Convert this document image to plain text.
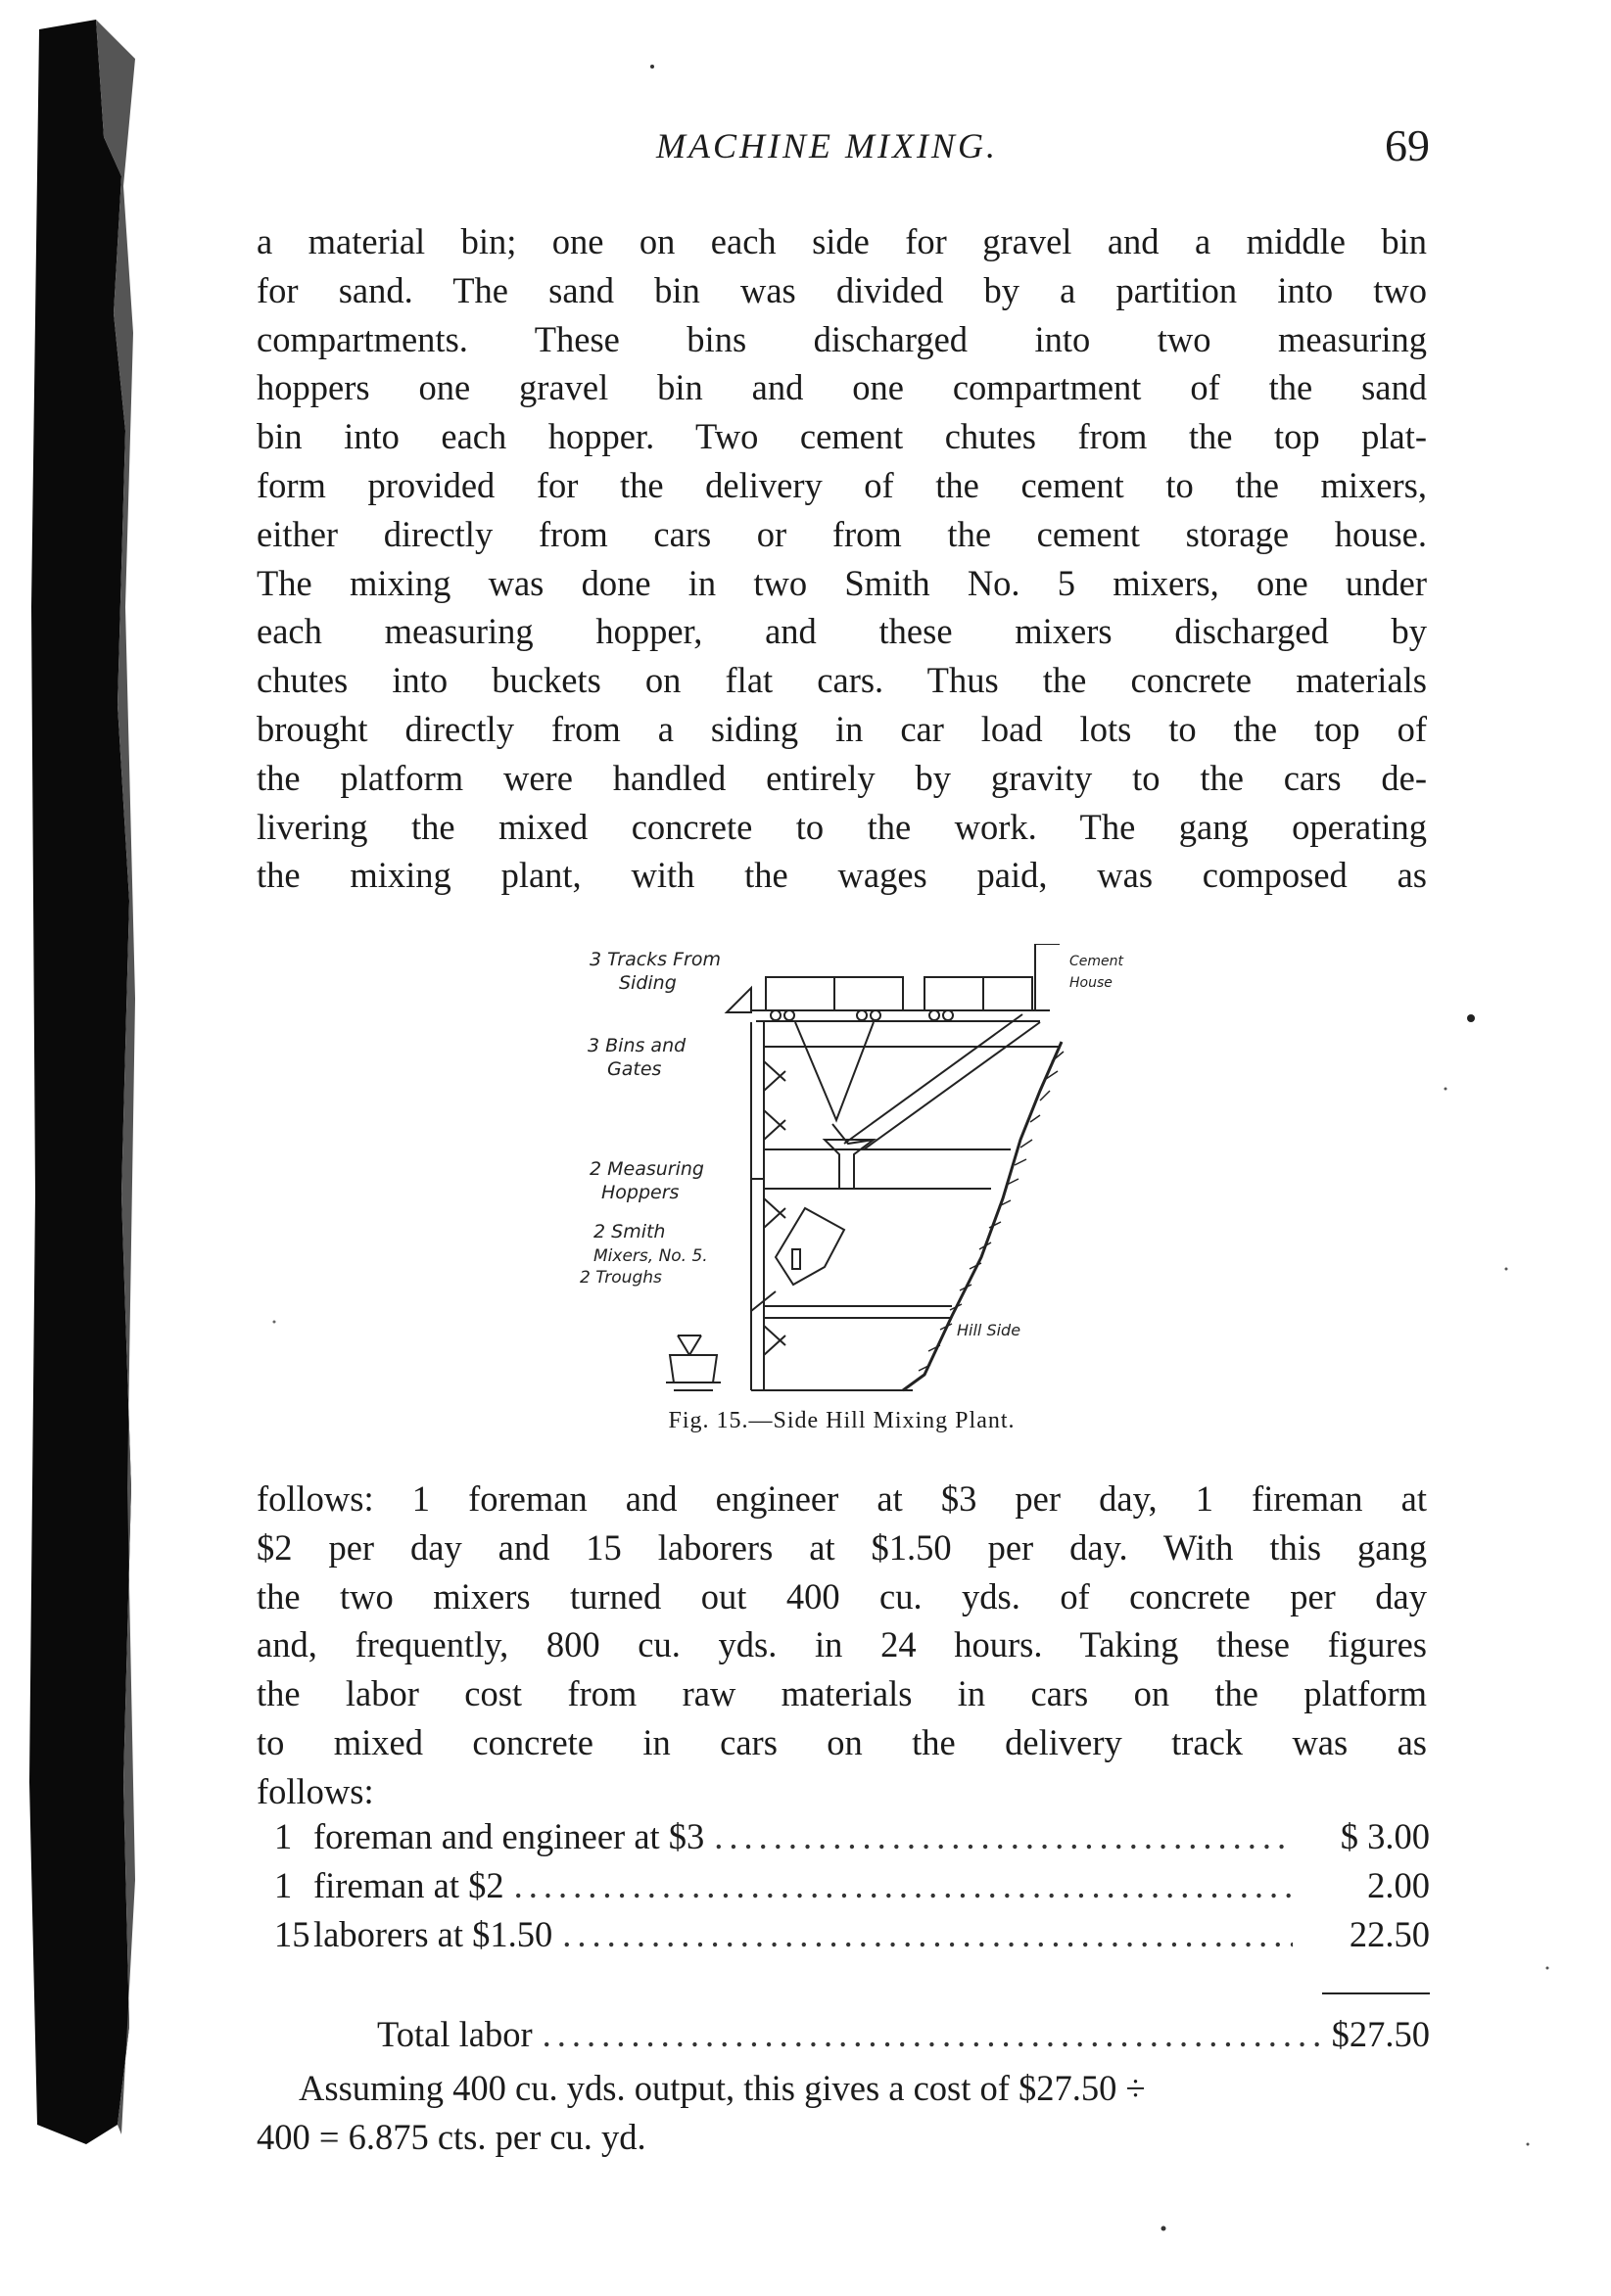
MACHINE MIXING.	69
a material bin; one on each side for gravel and a middle bin
for sand. The sand bin was divided by a partition into two
compartments. These bins discharged into two measuring
hoppers one gravel bin and one compartment of the sand
bin into each hopper. Two cement chutes from the top plat-
form provided for the delivery of the cement to the mixers,
either directly from cars or from the cement storage house.
The mixing was done in two Smith No. 5 mixers, one under
each measuring hopper, and these mixers discharged by
chutes into buckets on flat cars. Thus the concrete materials
brought directly from a siding in car load lots to the top of
the platform were handled entirely by gravity to the cars de-
livering the mixed concrete to the work. The gang operating
the mixing plant, with the wages paid, was composed as
3 Tracks From
Siding
Cement
House
3 Bins and
Gates
2 Measuring
Hoppers
2 Smith
Mixers, No. 5.
2 Troughs
Hill Side
Fig. 15.—Side Hill Mixing Plant.
follows: 1 foreman and engineer at $3 per day, 1 fireman at
$2 per day and 15 laborers at $1.50 per day. With this gang
the two mixers turned out 400 cu. yds. of concrete per day
and, frequently, 800 cu. yds. in 24 hours. Taking these figures
the labor cost from raw materials in cars on the platform
to mixed concrete in cars on the delivery track was as
follows:
1 foreman and engineer at $3 .....	$ 3.00
1 fireman at $2 .....	2.00
15 laborers at $1.50 .....	22.50
Total labor .....	$27.50
Assuming 400 cu. yds. output, this gives a cost of $27.50 ÷
400 = 6.875 cts. per cu. yd.
